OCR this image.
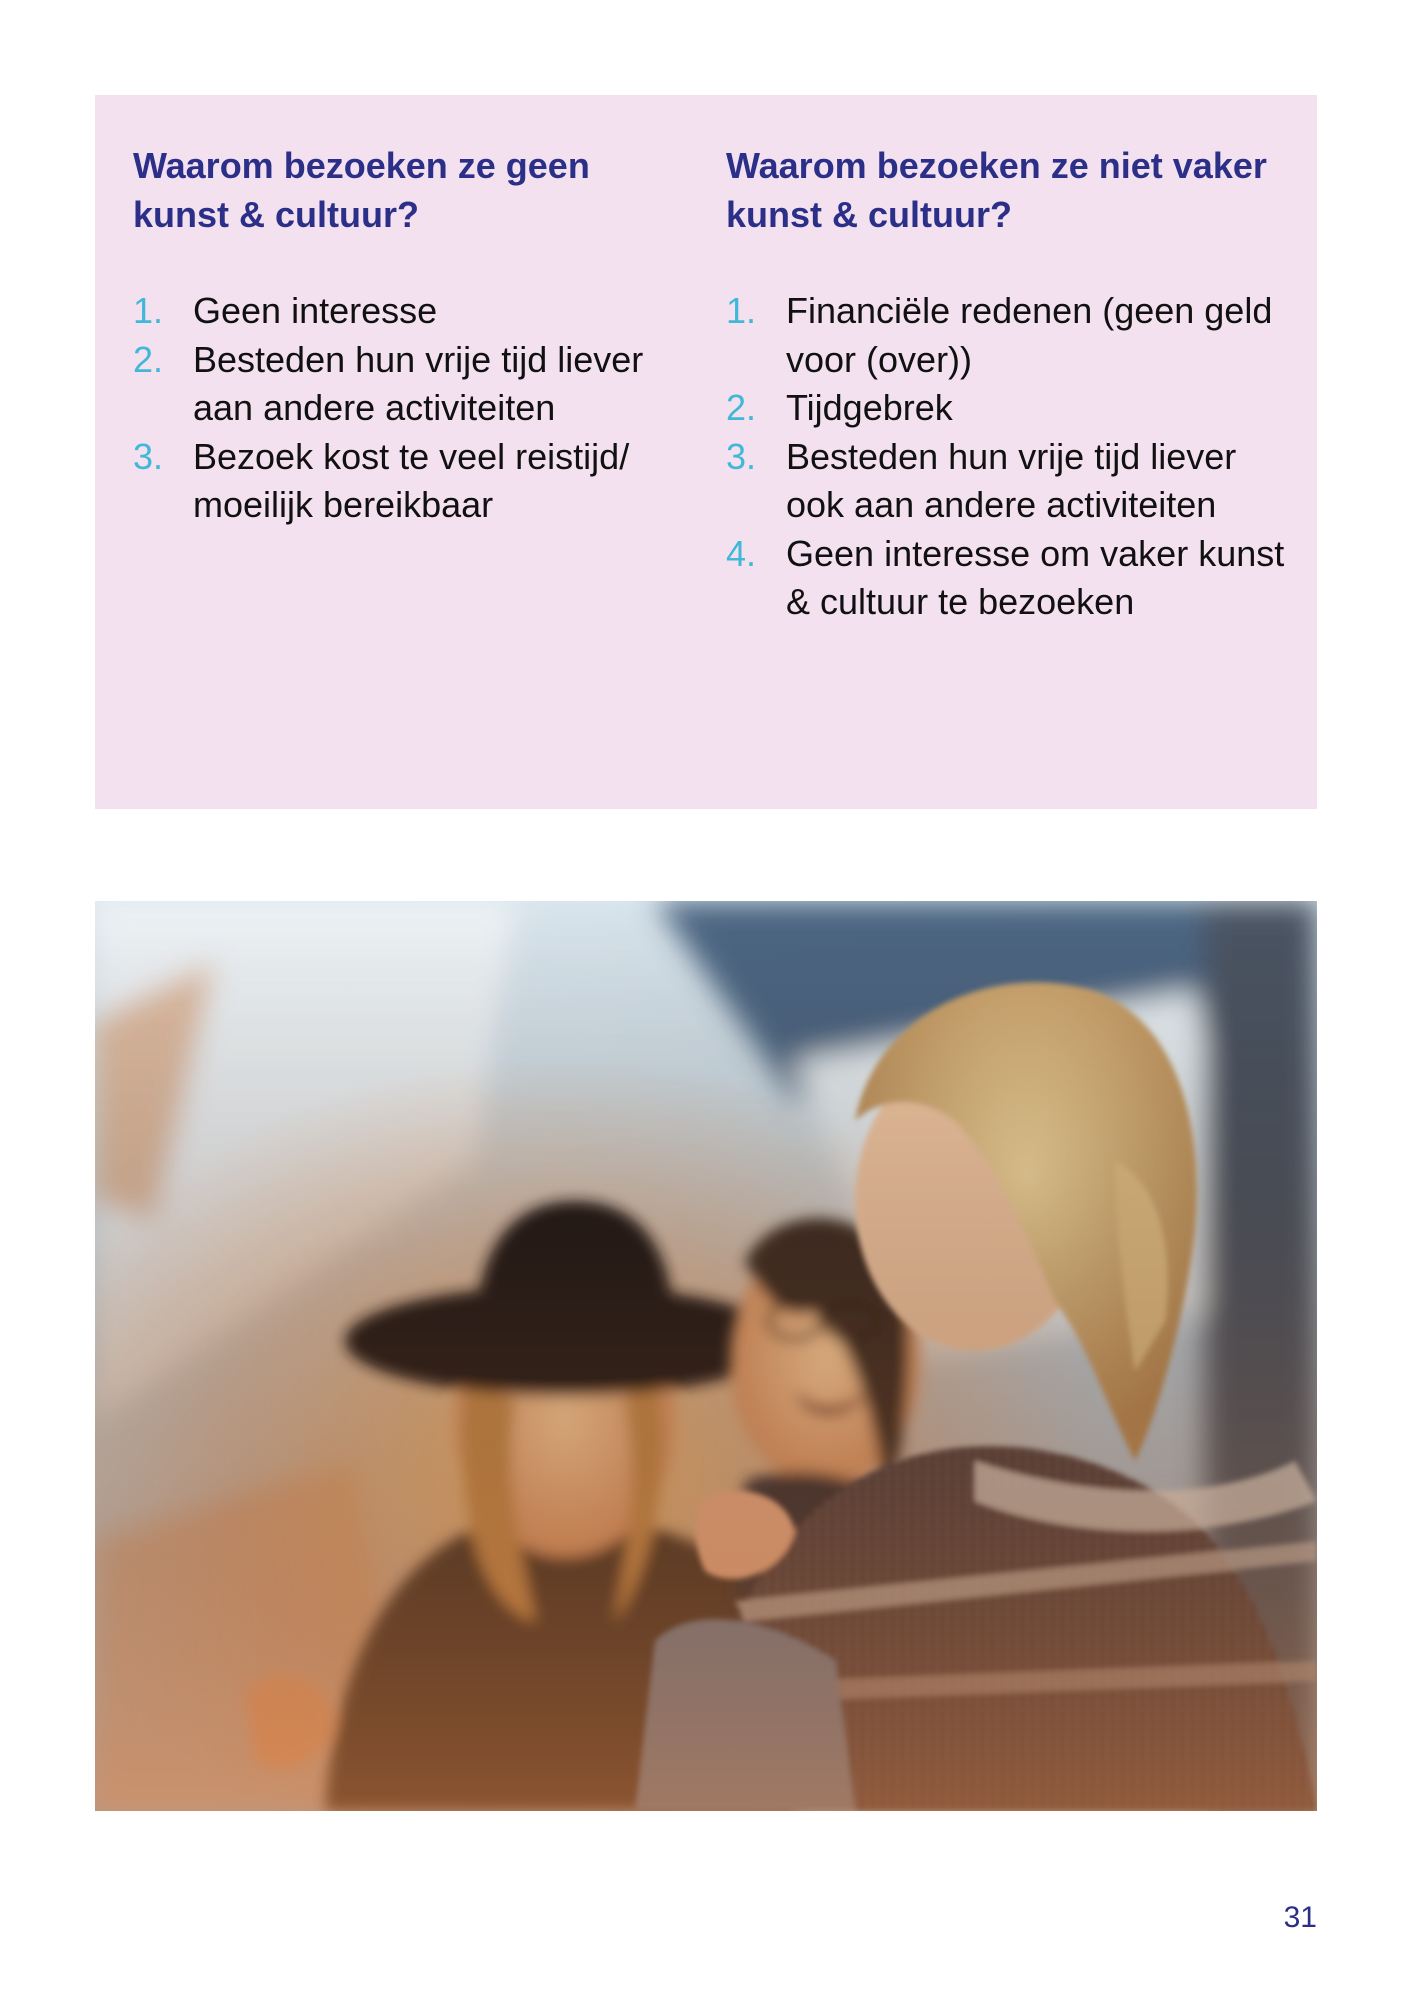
Waarom bezoeken ze geen kunst & cultuur?
1. Geen interesse
2. Besteden hun vrije tijd liever aan andere activiteiten
3. Bezoek kost te veel reistijd/ moeilijk bereikbaar
Waarom bezoeken ze niet vaker kunst & cultuur?
1. Financiële redenen (geen geld voor (over))
2. Tijdgebrek
3. Besteden hun vrije tijd liever ook aan andere activiteiten
4. Geen interesse om vaker kunst & cultuur te bezoeken
31
